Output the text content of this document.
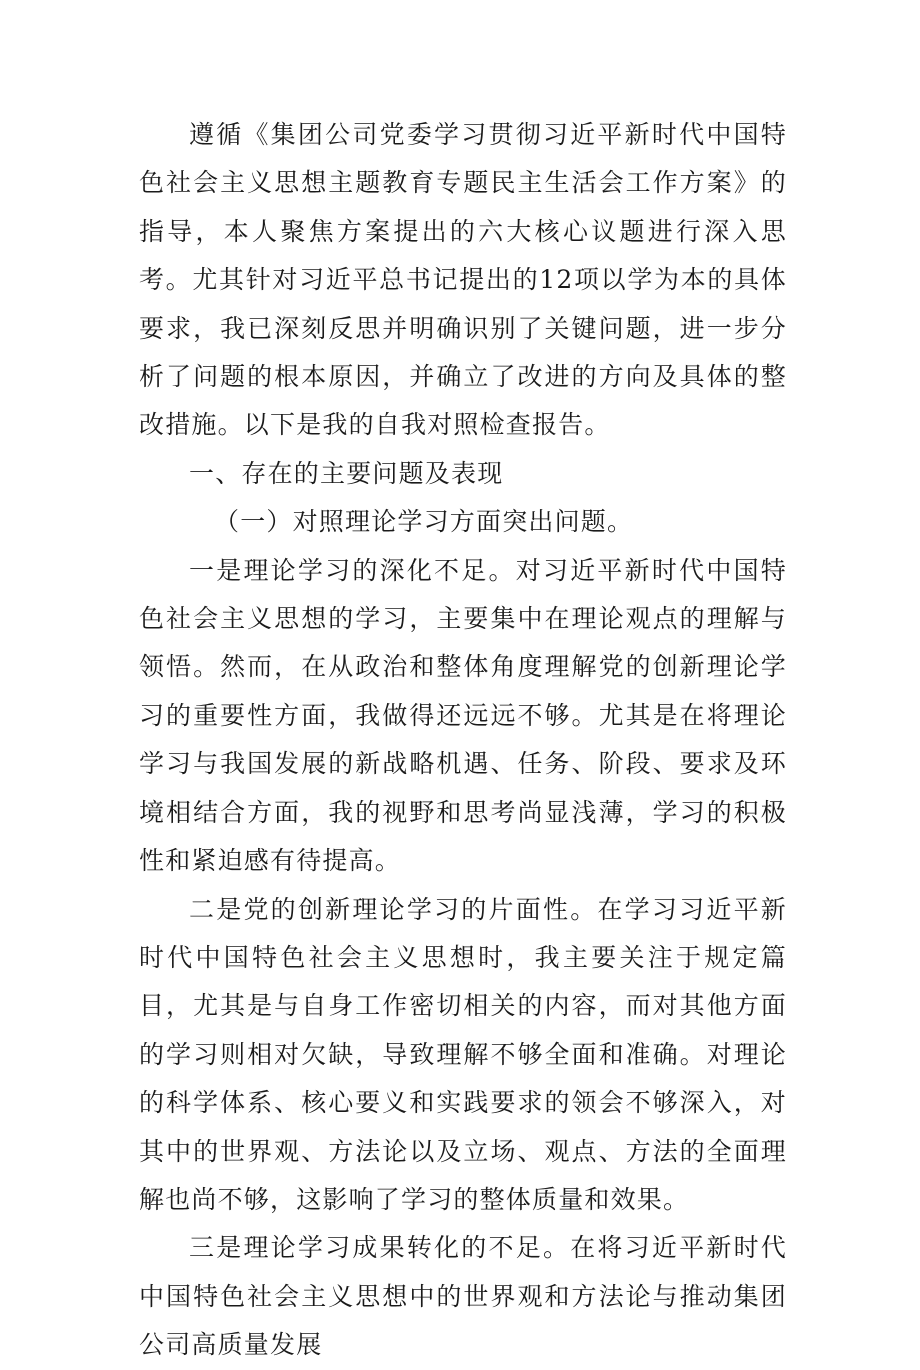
遵循《集团公司党委学习贯彻习近平新时代中国特色社会主义思想主题教育专题民主生活会工作方案》的指导，本人聚焦方案提出的六大核心议题进行深入思考。尤其针对习近平总书记提出的12项以学为本的具体要求，我已深刻反思并明确识别了关键问题，进一步分析了问题的根本原因，并确立了改进的方向及具体的整改措施。以下是我的自我对照检查报告。

一、存在的主要问题及表现

（一）对照理论学习方面突出问题。

一是理论学习的深化不足。对习近平新时代中国特色社会主义思想的学习，主要集中在理论观点的理解与领悟。然而，在从政治和整体角度理解党的创新理论学习的重要性方面，我做得还远远不够。尤其是在将理论学习与我国发展的新战略机遇、任务、阶段、要求及环境相结合方面，我的视野和思考尚显浅薄，学习的积极性和紧迫感有待提高。

二是党的创新理论学习的片面性。在学习习近平新时代中国特色社会主义思想时，我主要关注于规定篇目，尤其是与自身工作密切相关的内容，而对其他方面的学习则相对欠缺，导致理解不够全面和准确。对理论的科学体系、核心要义和实践要求的领会不够深入，对其中的世界观、方法论以及立场、观点、方法的全面理解也尚不够，这影响了学习的整体质量和效果。

三是理论学习成果转化的不足。在将习近平新时代中国特色社会主义思想中的世界观和方法论与推动集团公司高质量发展
